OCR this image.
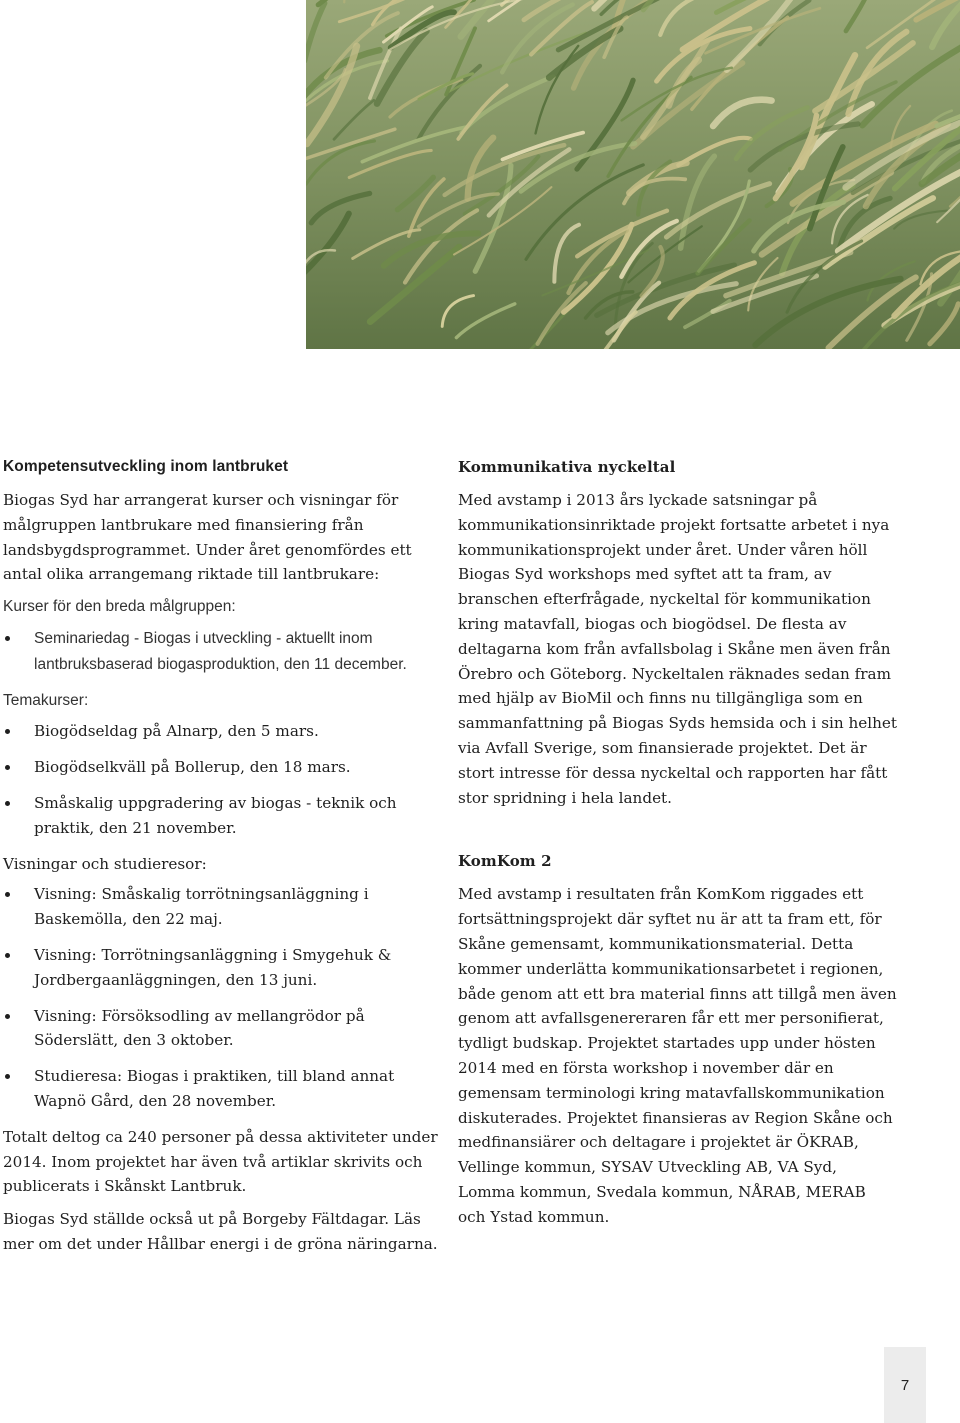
Kompetensutveckling inom lantbruket

Biogas Syd har arrangerat kurser och visningar för målgruppen lantbrukare med finansiering från landsbygdsprogrammet. Under året genomfördes ett antal olika arrangemang riktade till lantbrukare:

Kurser för den breda målgruppen:

Seminariedag - Biogas i utveckling - aktuellt inom lantbruksbaserad biogasproduktion, den 11 december.

Temakurser:

Biogödseldag på Alnarp, den 5 mars.
Biogödselkväll på Bollerup, den 18 mars.
Småskalig uppgradering av biogas - teknik och praktik, den 21 november.

Visningar och studieresor:

Visning: Småskalig torrötningsanläggning i Baskemölla, den 22 maj.
Visning: Torrötningsanläggning i Smygehuk & Jordbergaanläggningen, den 13 juni.
Visning: Försöksodling av mellangrödor på Söderslätt, den 3 oktober.
Studieresa: Biogas i praktiken, till bland annat Wapnö Gård, den 28 november.

Totalt deltog ca 240 personer på dessa aktiviteter under 2014. Inom projektet har även två artiklar skrivits och publicerats i Skånskt Lantbruk.

Biogas Syd ställde också ut på Borgeby Fältdagar. Läs mer om det under Hållbar energi i de gröna näringarna.

Kommunikativa nyckeltal

Med avstamp i 2013 års lyckade satsningar på kommunikationsinriktade projekt fortsatte arbetet i nya kommunikationsprojekt under året. Under våren höll Biogas Syd workshops med syftet att ta fram, av branschen efterfrågade, nyckeltal för kommunikation kring matavfall, biogas och biogödsel. De flesta av deltagarna kom från avfallsbolag i Skåne men även från Örebro och Göteborg. Nyckeltalen räknades sedan fram med hjälp av BioMil och finns nu tillgängliga som en sammanfattning på Biogas Syds hemsida och i sin helhet via Avfall Sverige, som finansierade projektet. Det är stort intresse för dessa nyckeltal och rapporten har fått stor spridning i hela landet.

KomKom 2

Med avstamp i resultaten från KomKom riggades ett fortsättningsprojekt där syftet nu är att ta fram ett, för Skåne gemensamt, kommunikationsmaterial. Detta kommer underlätta kommunikationsarbetet i regionen, både genom att ett bra material finns att tillgå men även genom att avfallsgenereraren får ett mer personifierat, tydligt budskap. Projektet startades upp under hösten 2014 med en första workshop i november där en gemensam terminologi kring matavfallskommunikation diskuterades. Projektet finansieras av Region Skåne och medfinansiärer och deltagare i projektet är ÖKRAB, Vellinge kommun, SYSAV Utveckling AB, VA Syd, Lomma kommun, Svedala kommun, NÅRAB, MERAB och Ystad kommun.

7
